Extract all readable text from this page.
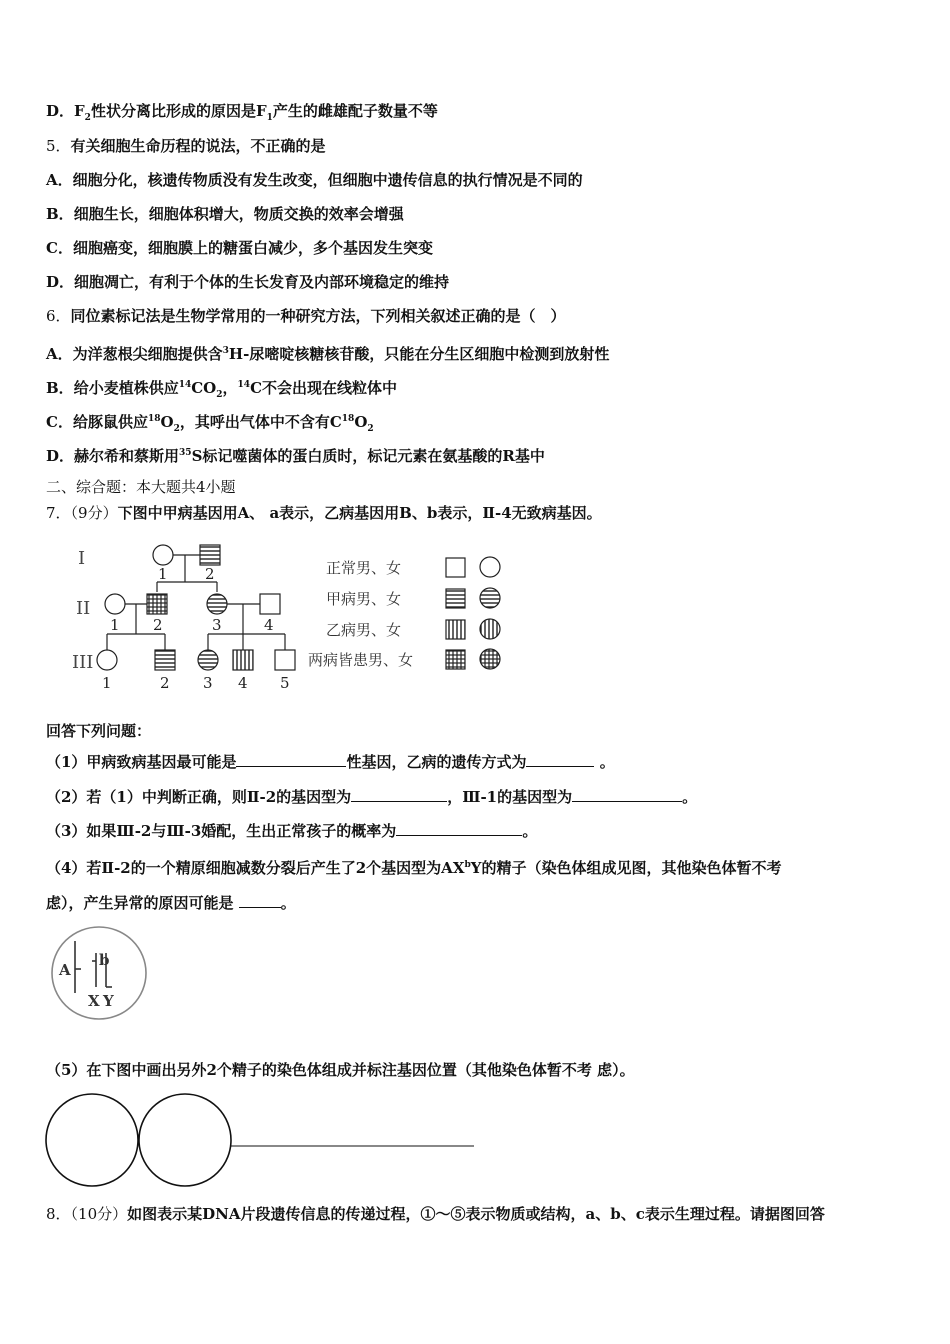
D．$F_2$性状分离比形成的原因是$F_1$产生的雌雄配子数量不等
5．有关细胞生命历程的说法，不正确的是
A．细胞分化，核遗传物质没有发生改变，但细胞中遗传信息的执行情况是不同的
B．细胞生长，细胞体积增大，物质交换的效率会增强
C．细胞癌变，细胞膜上的糖蛋白减少，多个基因发生突变
D．细胞凋亡，有利于个体的生长发育及内部环境稳定的维持
6．同位素标记法是生物学常用的一种研究方法，下列相关叙述正确的是（　）
A．为洋葱根尖细胞提供含$^3$H-尿嘧啶核糖核苷酸，只能在分生区细胞中检测到放射性
B．给小麦植株供应$^{14}CO_2$，$^{14}$C不会出现在线粒体中
C．给豚鼠供应$^{18}O_2$，其呼出气体中不含有$C^{18}O_2$
D．赫尔希和蔡斯用$^{35}$S标记噬菌体的蛋白质时，标记元素在氨基酸的R基中
二、综合题：本大题共4小题
7．（9分）下图中甲病基因用A、 a表示，乙病基因用B、b表示，Ⅱ-4无致病基因。
I
II
III
1 2
1 2	3	4
1	2 3 4 5
正常男、女
甲病男、女
乙病男、女
两病皆患男、女
回答下列问题：
（1）甲病致病基因最可能是	性基因，乙病的遗传方式为	。
（2）若（1）中判断正确，则Ⅱ-2的基因型为	，Ⅲ-1的基因型为	。
（3）如果Ⅲ-2与Ⅲ-3婚配，生出正常孩子的概率为	。
（4）若Ⅱ-2的一个精原细胞减数分裂后产生了2个基因型为$AX^bY$的精子（染色体组成见图，其他染色体暂不考
虑），产生异常的原因可能是	。
A
b
X Y
（5）在下图中画出另外2个精子的染色体组成并标注基因位置（其他染色体暂不考 虑）。
8．（10分）如图表示某DNA片段遗传信息的传递过程，①～⑤表示物质或结构，a、b、c表示生理过程。请据图回答
